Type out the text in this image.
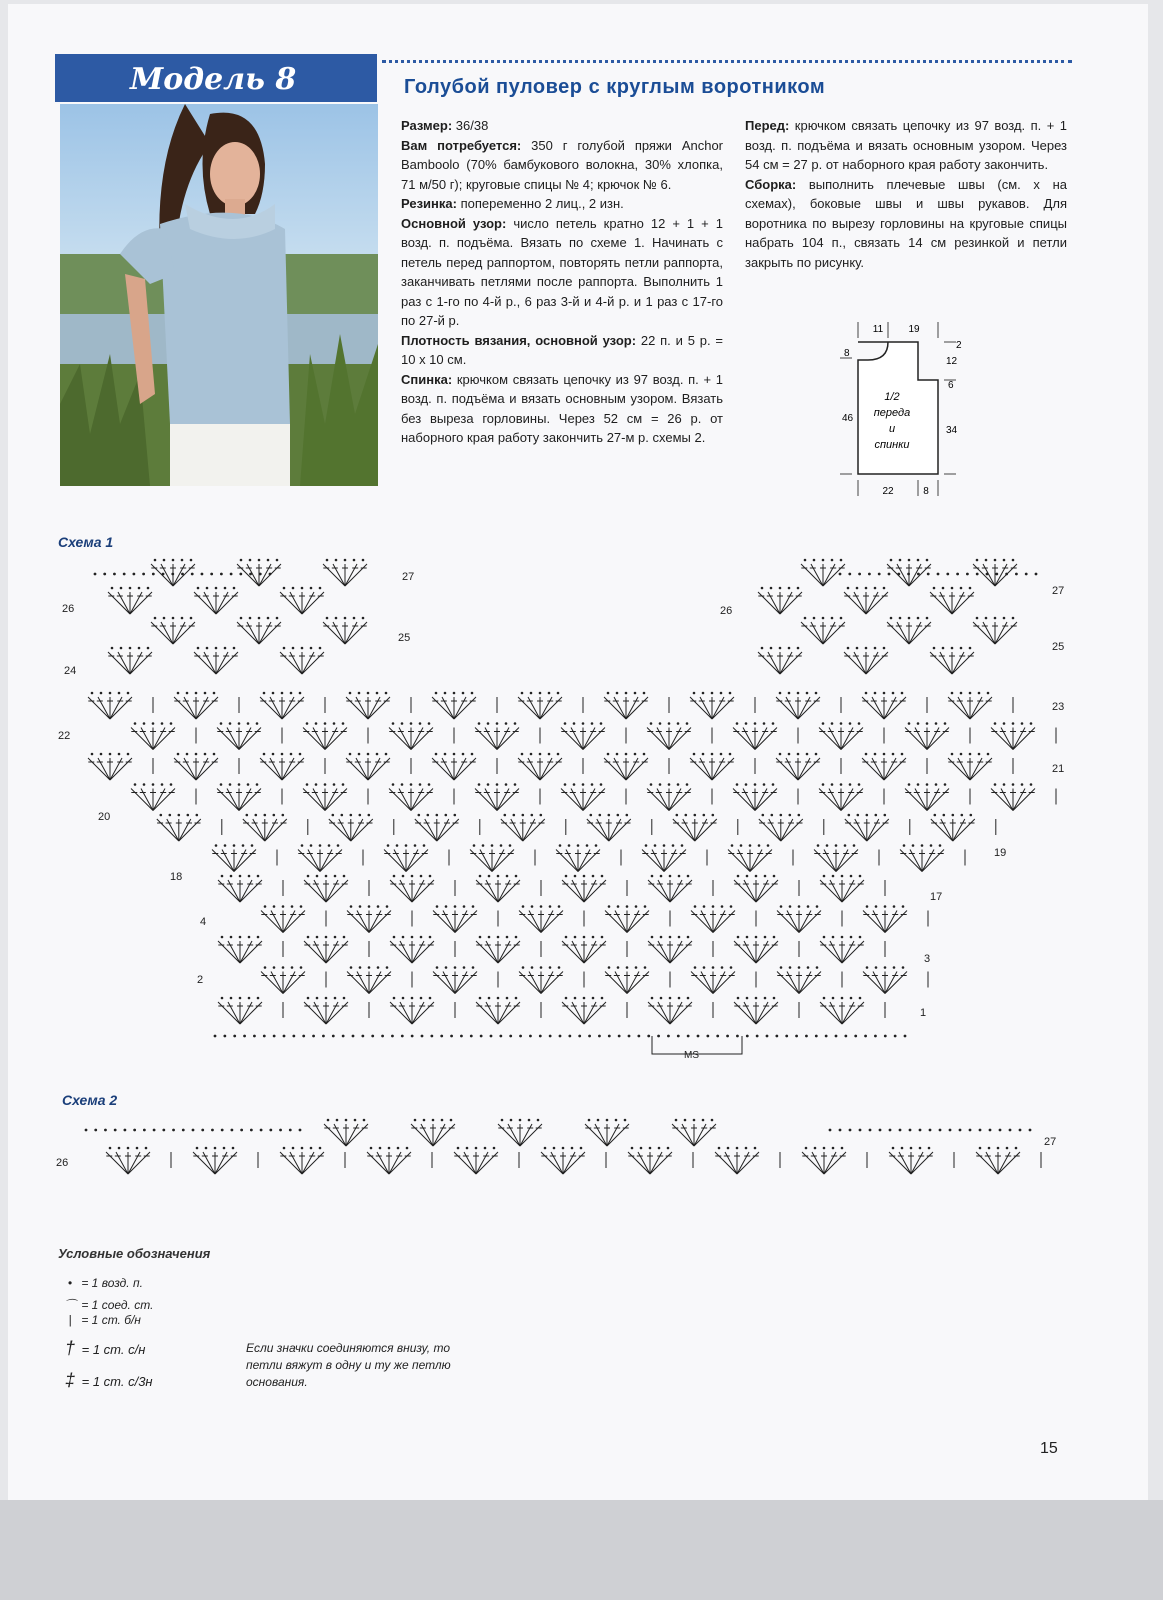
Модель 8	Голубой пуловер с круглым воротником

Размер: 36/38

Вам потребуется: 350 г голубой пряжи Anchor Bamboolo (70% бамбукового волокна, 30% хлопка, 71 м/50 г); круговые спицы № 4; крючок № 6.

Резинка: попеременно 2 лиц., 2 изн.

Основной узор: число петель кратно 12 + 1 + 1 возд. п. подъёма. Вязать по схеме 1. Начинать с петель перед раппортом, повторять петли раппорта, заканчивать петлями после раппорта. Выполнить 1 раз с 1-го по 4-й р., 6 раз 3-й и 4-й р. и 1 раз с 17-го по 27-й р.

Плотность вязания, основной узор: 22 п. и 5 р. = 10 х 10 см.

Спинка: крючком связать цепочку из 97 возд. п. + 1 возд. п. подъёма и вязать основным узором. Вязать без выреза горловины. Через 52 см = 26 р. от наборного края работу закончить 27-м р. схемы 2.

Перед: крючком связать цепочку из 97 возд. п. + 1 возд. п. подъёма и вязать основным узором. Через 54 см = 27 р. от наборного края работу закончить.

Сборка: выполнить плечевые швы (см. х на схемах), боковые швы и швы рукавов. Для воротника по вырезу горловины на круговые спицы набрать 104 п., связать 14 см резинкой и петли закрыть по рисунку.

11	19
8
46
2
12
6
34
22	8
1/2
переда
и
спинки
Схема 1
Схема 2
26
24
22
20
18
4
2
27
25
23
21
19
17
3
1
27
25
26
MS
26
27
Условные обозначения
• = 1 возд. п.
⌒ = 1 соед. ст.
| = 1 ст. б/н
† = 1 ст. с/н
‡ = 1 ст. с/3н
Если значки соединяются внизу, то петли вяжут в одну и ту же петлю основания.
15
